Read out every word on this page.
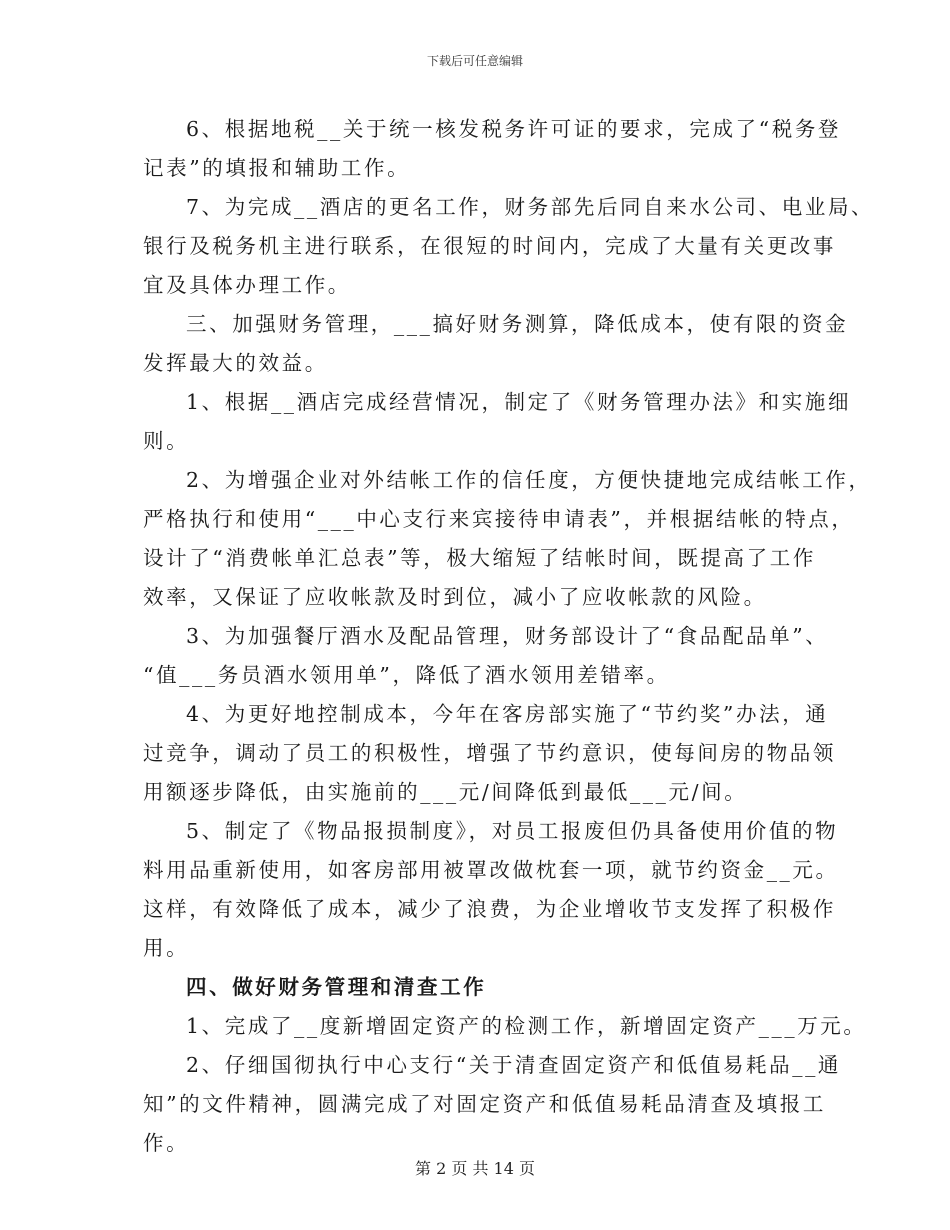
下载后可任意编辑
6、根据地税__关于统一核发税务许可证的要求，完成了“税务登
记表”的填报和辅助工作。
7、为完成__酒店的更名工作，财务部先后同自来水公司、电业局、
银行及税务机主进行联系，在很短的时间内，完成了大量有关更改事
宜及具体办理工作。
三、加强财务管理，___搞好财务测算，降低成本，使有限的资金
发挥最大的效益。
1、根据__酒店完成经营情况，制定了《财务管理办法》和实施细
则。
2、为增强企业对外结帐工作的信任度，方便快捷地完成结帐工作，
严格执行和使用“___中心支行来宾接待申请表”，并根据结帐的特点，
设计了“消费帐单汇总表”等，极大缩短了结帐时间，既提高了工作
效率，又保证了应收帐款及时到位，减小了应收帐款的风险。
3、为加强餐厅酒水及配品管理，财务部设计了“食品配品单”、
“值___务员酒水领用单”，降低了酒水领用差错率。
4、为更好地控制成本，今年在客房部实施了“节约奖”办法，通
过竞争，调动了员工的积极性，增强了节约意识，使每间房的物品领
用额逐步降低，由实施前的___元/间降低到最低___元/间。
5、制定了《物品报损制度》，对员工报废但仍具备使用价值的物
料用品重新使用，如客房部用被罩改做枕套一项，就节约资金__元。
这样，有效降低了成本，减少了浪费，为企业增收节支发挥了积极作
用。
四、做好财务管理和清查工作
1、完成了__度新增固定资产的检测工作，新增固定资产___万元。
2、仔细国彻执行中心支行“关于清查固定资产和低值易耗品__通
知”的文件精神，圆满完成了对固定资产和低值易耗品清查及填报工
作。
第 2 页 共 14 页
